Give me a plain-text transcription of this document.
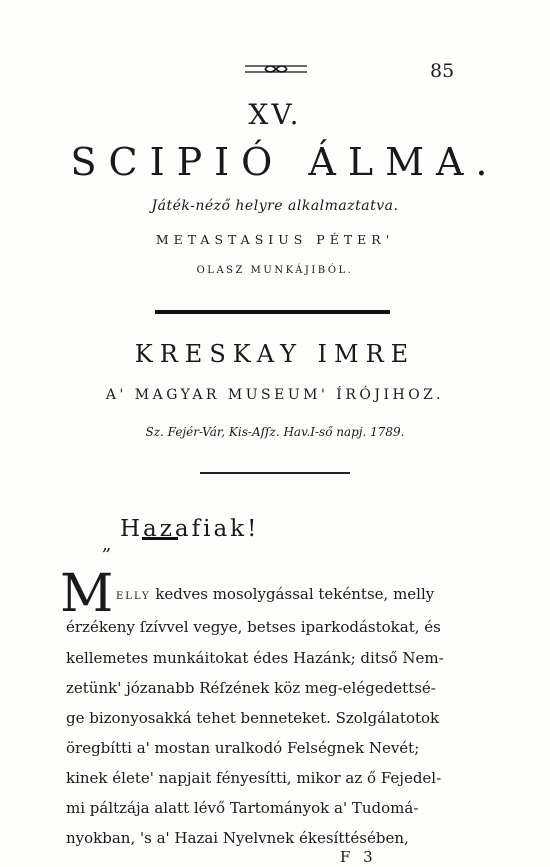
85
XV.
SCIPIÓ ÁLMA.
Játék-néző helyre alkalmaztatva.
METASTASIUS PÉTER'
OLASZ MUNKÁJIBÓL.
KRESKAY IMRE
A' MAGYAR MUSEUM' ÍRÓJIHOZ.
Sz. Fejér-Vár, Kis-Aſſz. Hav.I-ső napj. 1789.
„
Hazafiak!
M ELLY kedves mosolygással tekéntse, melly
érzékeny ſzívvel vegye, betses iparkodástokat, és
kellemetes munkáitokat édes Hazánk; ditső Nem-
zetünk' józanabb Réſzének köz meg-elégedettsé-
ge bizonyosakká tehet benneteket. Szolgálatotok
öregbítti a' mostan uralkodó Felségnek Nevét;
kinek élete' napjait fényesítti, mikor az ő Fejedel-
mi páltzája alatt lévő Tartományok a' Tudomá-
nyokban, 's a' Hazai Nyelvnek ékesíttésében,
F 3
